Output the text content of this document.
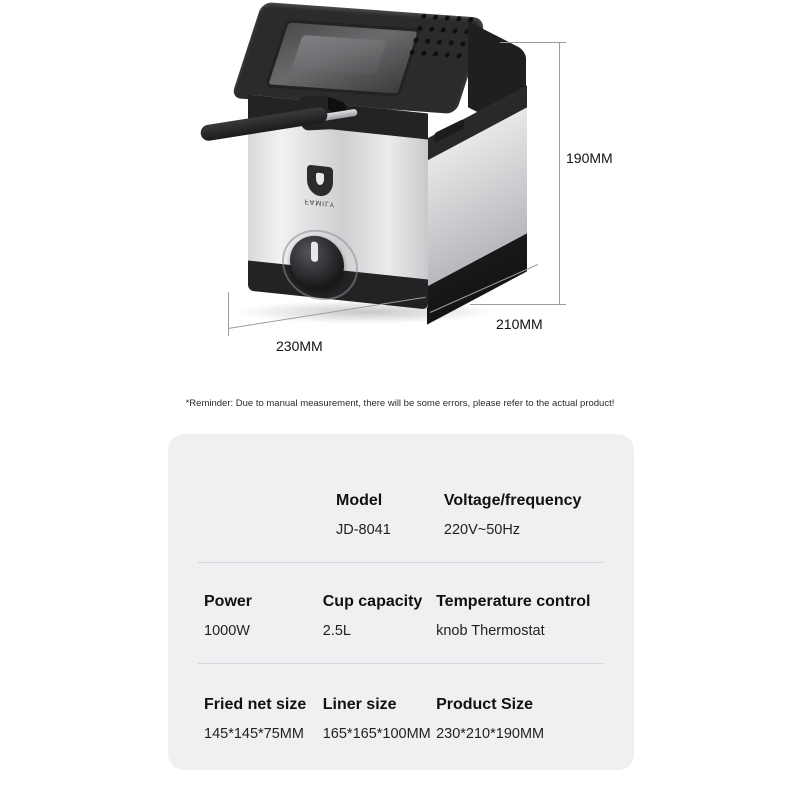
FAMILY
190MM
210MM
230MM
*Reminder: Due to manual measurement, there will be some errors, please refer to the actual product!
Model
JD-8041
Voltage/frequency
220V~50Hz
Power
1000W
Cup capacity
2.5L
Temperature control
knob Thermostat
Fried net size
145*145*75MM
Liner size
165*165*100MM
Product Size
230*210*190MM
